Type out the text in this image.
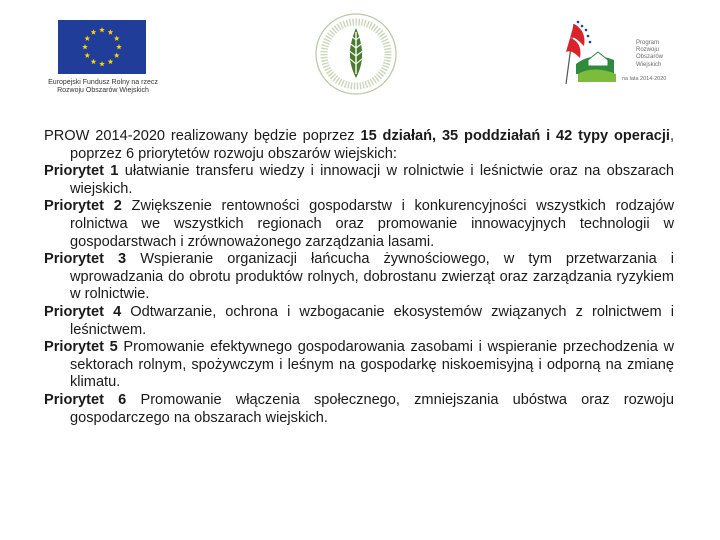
Europejski Fundusz Rolny na rzecz
Rozwoju Obszarów Wiejskich
Program
Rozwoju
Obszarów
Wiejskich
na lata 2014-2020

PROW 2014-2020 realizowany będzie poprzez 15 działań, 35 poddziałań i 42 typy operacji, poprzez 6 priorytetów rozwoju obszarów wiejskich:

Priorytet 1 ułatwianie transferu wiedzy i innowacji w rolnictwie i leśnictwie oraz na obszarach wiejskich.

Priorytet 2 Zwiększenie rentowności gospodarstw i konkurencyjności wszystkich rodzajów rolnictwa we wszystkich regionach oraz promowanie innowacyjnych technologii w gospodarstwach i zrównoważonego zarządzania lasami.

Priorytet 3 Wspieranie organizacji łańcucha żywnościowego, w tym przetwarzania i wprowadzania do obrotu produktów rolnych, dobrostanu zwierząt oraz zarządzania ryzykiem w rolnictwie.

Priorytet 4 Odtwarzanie, ochrona i wzbogacanie ekosystemów związanych z rolnictwem i leśnictwem.

Priorytet 5 Promowanie efektywnego gospodarowania zasobami i wspieranie przechodzenia w sektorach rolnym, spożywczym i leśnym na gospodarkę niskoemisyjną i odporną na zmianę klimatu.

Priorytet 6 Promowanie włączenia społecznego, zmniejszania ubóstwa oraz rozwoju gospodarczego na obszarach wiejskich.
